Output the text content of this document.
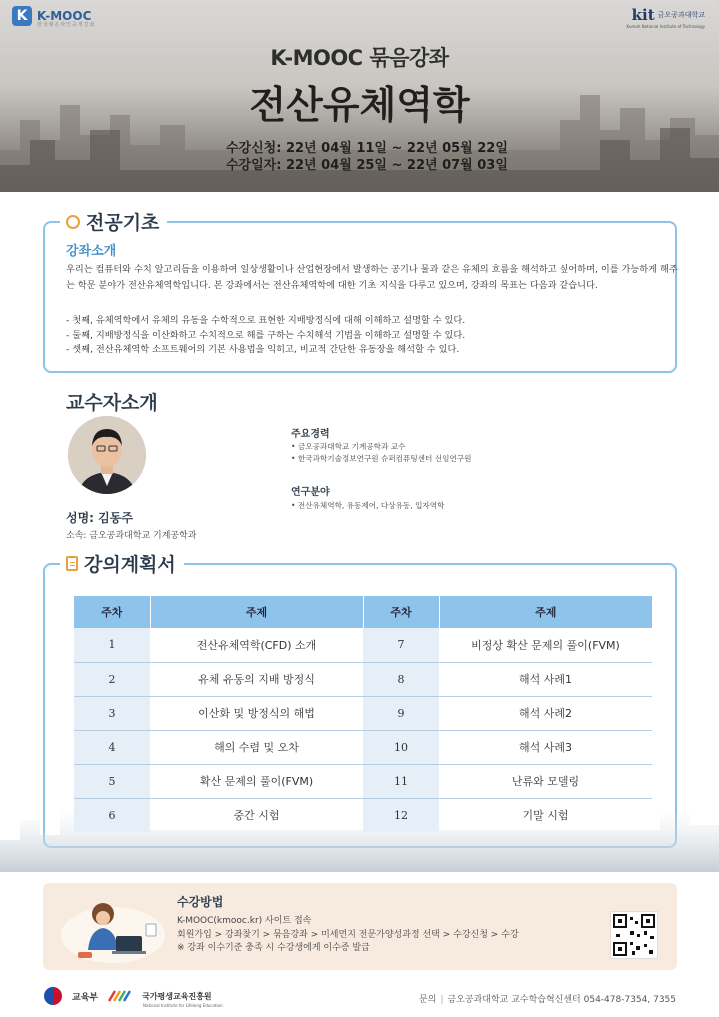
K K-MOOC
한국형온라인공개강좌
kit 금오공과대학교
Kumoh National Institute of Technology
K-MOOC 묶음강좌
전산유체역학
수강신청: 22년 04월 11일 ~ 22년 05월 22일
수강일자: 22년 04월 25일 ~ 22년 07월 03일
전공기초
강좌소개

우리는 컴퓨터와 수치 알고리듬을 이용하여 일상생활이나 산업현장에서 발생하는 공기나 물과 같은 유체의 흐름을 해석하고 싶어하며, 이를 가능하게 해주는 학문 분야가 전산유체역학입니다. 본 강좌에서는 전산유체역학에 대한 기초 지식을 다루고 있으며, 강좌의 목표는 다음과 같습니다.

- 첫째, 유체역학에서 유체의 유동을 수학적으로 표현한 지배방정식에 대해 이해하고 설명할 수 있다.
- 둘째, 지배방정식을 이산화하고 수치적으로 해를 구하는 수치해석 기법을 이해하고 설명할 수 있다.
- 셋째, 전산유체역학 소프트웨어의 기본 사용법을 익히고, 비교적 간단한 유동장을 해석할 수 있다.
교수자소개
성명: 김동주
소속: 금오공과대학교 기계공학과
주요경력
• 금오공과대학교 기계공학과 교수
• 한국과학기술정보연구원 슈퍼컴퓨팅센터 선임연구원
연구분야
• 전산유체역학, 유동제어, 다상유동, 입자역학
강의계획서
주차	주제	주차	주제
1	전산유체역학(CFD) 소개	7	비정상 확산 문제의 풀이(FVM)
2	유체 유동의 지배 방정식	8	해석 사례1
3	이산화 및 방정식의 해법	9	해석 사례2
4	해의 수렴 및 오차	10	해석 사례3
5	확산 문제의 풀이(FVM)	11	난류와 모델링
6	중간 시험	12	기말 시험
수강방법
K-MOOC(kmooc.kr) 사이트 접속
회원가입 > 강좌찾기 > 묶음강좌 > 미세먼지 전문가양성과정 선택 > 수강신청 > 수강
※ 강좌 이수기준 충족 시 수강생에게 이수증 발급
교육부	국가평생교육진흥원
National Institute for Lifelong Education
문의 | 금오공과대학교 교수학습혁신센터 054-478-7354, 7355
